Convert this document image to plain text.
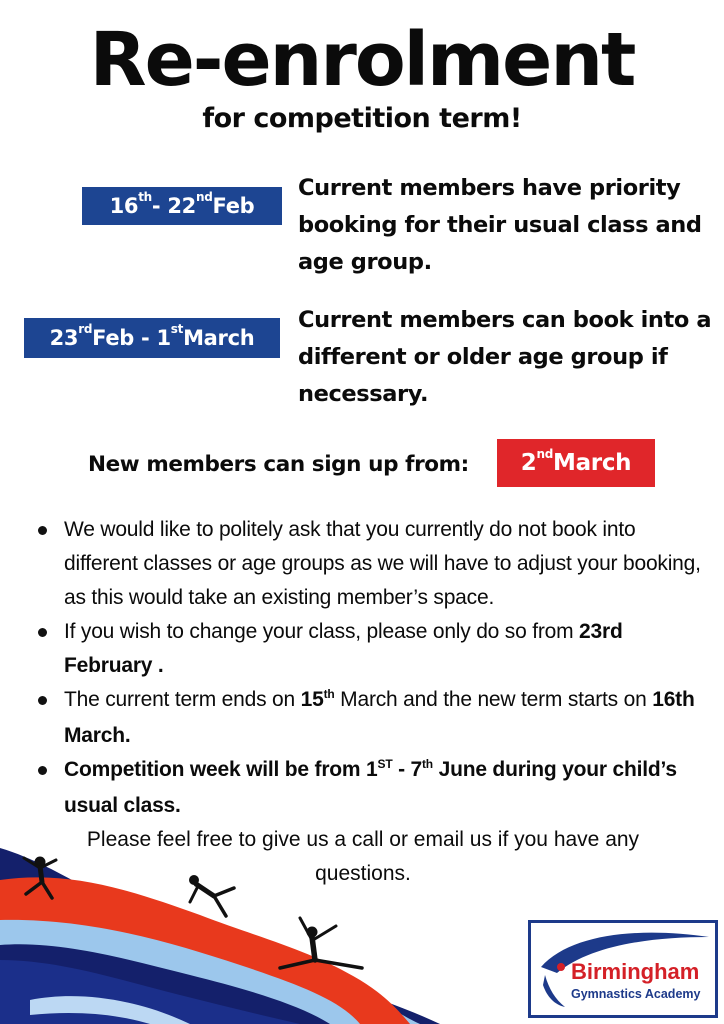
Re-enrolment
for competition term!
16th - 22nd Feb
Current members have priority booking for their usual class and age group.
23rd Feb - 1st March
Current members can book into a different or older age group if necessary.
New members can sign up from: 2nd March
We would like to politely ask that you currently do not book into different classes or age groups as we will have to adjust your booking, as this would take an existing member’s space.
If you wish to change your class, please only do so from 23rd February .
The current term ends on 15th March and the new term starts on 16th March.
Competition week will be from 1ST - 7th June during your child’s usual class.
Please feel free to give us a call or email us if you have any questions.
Birmingham
Gymnastics Academy
